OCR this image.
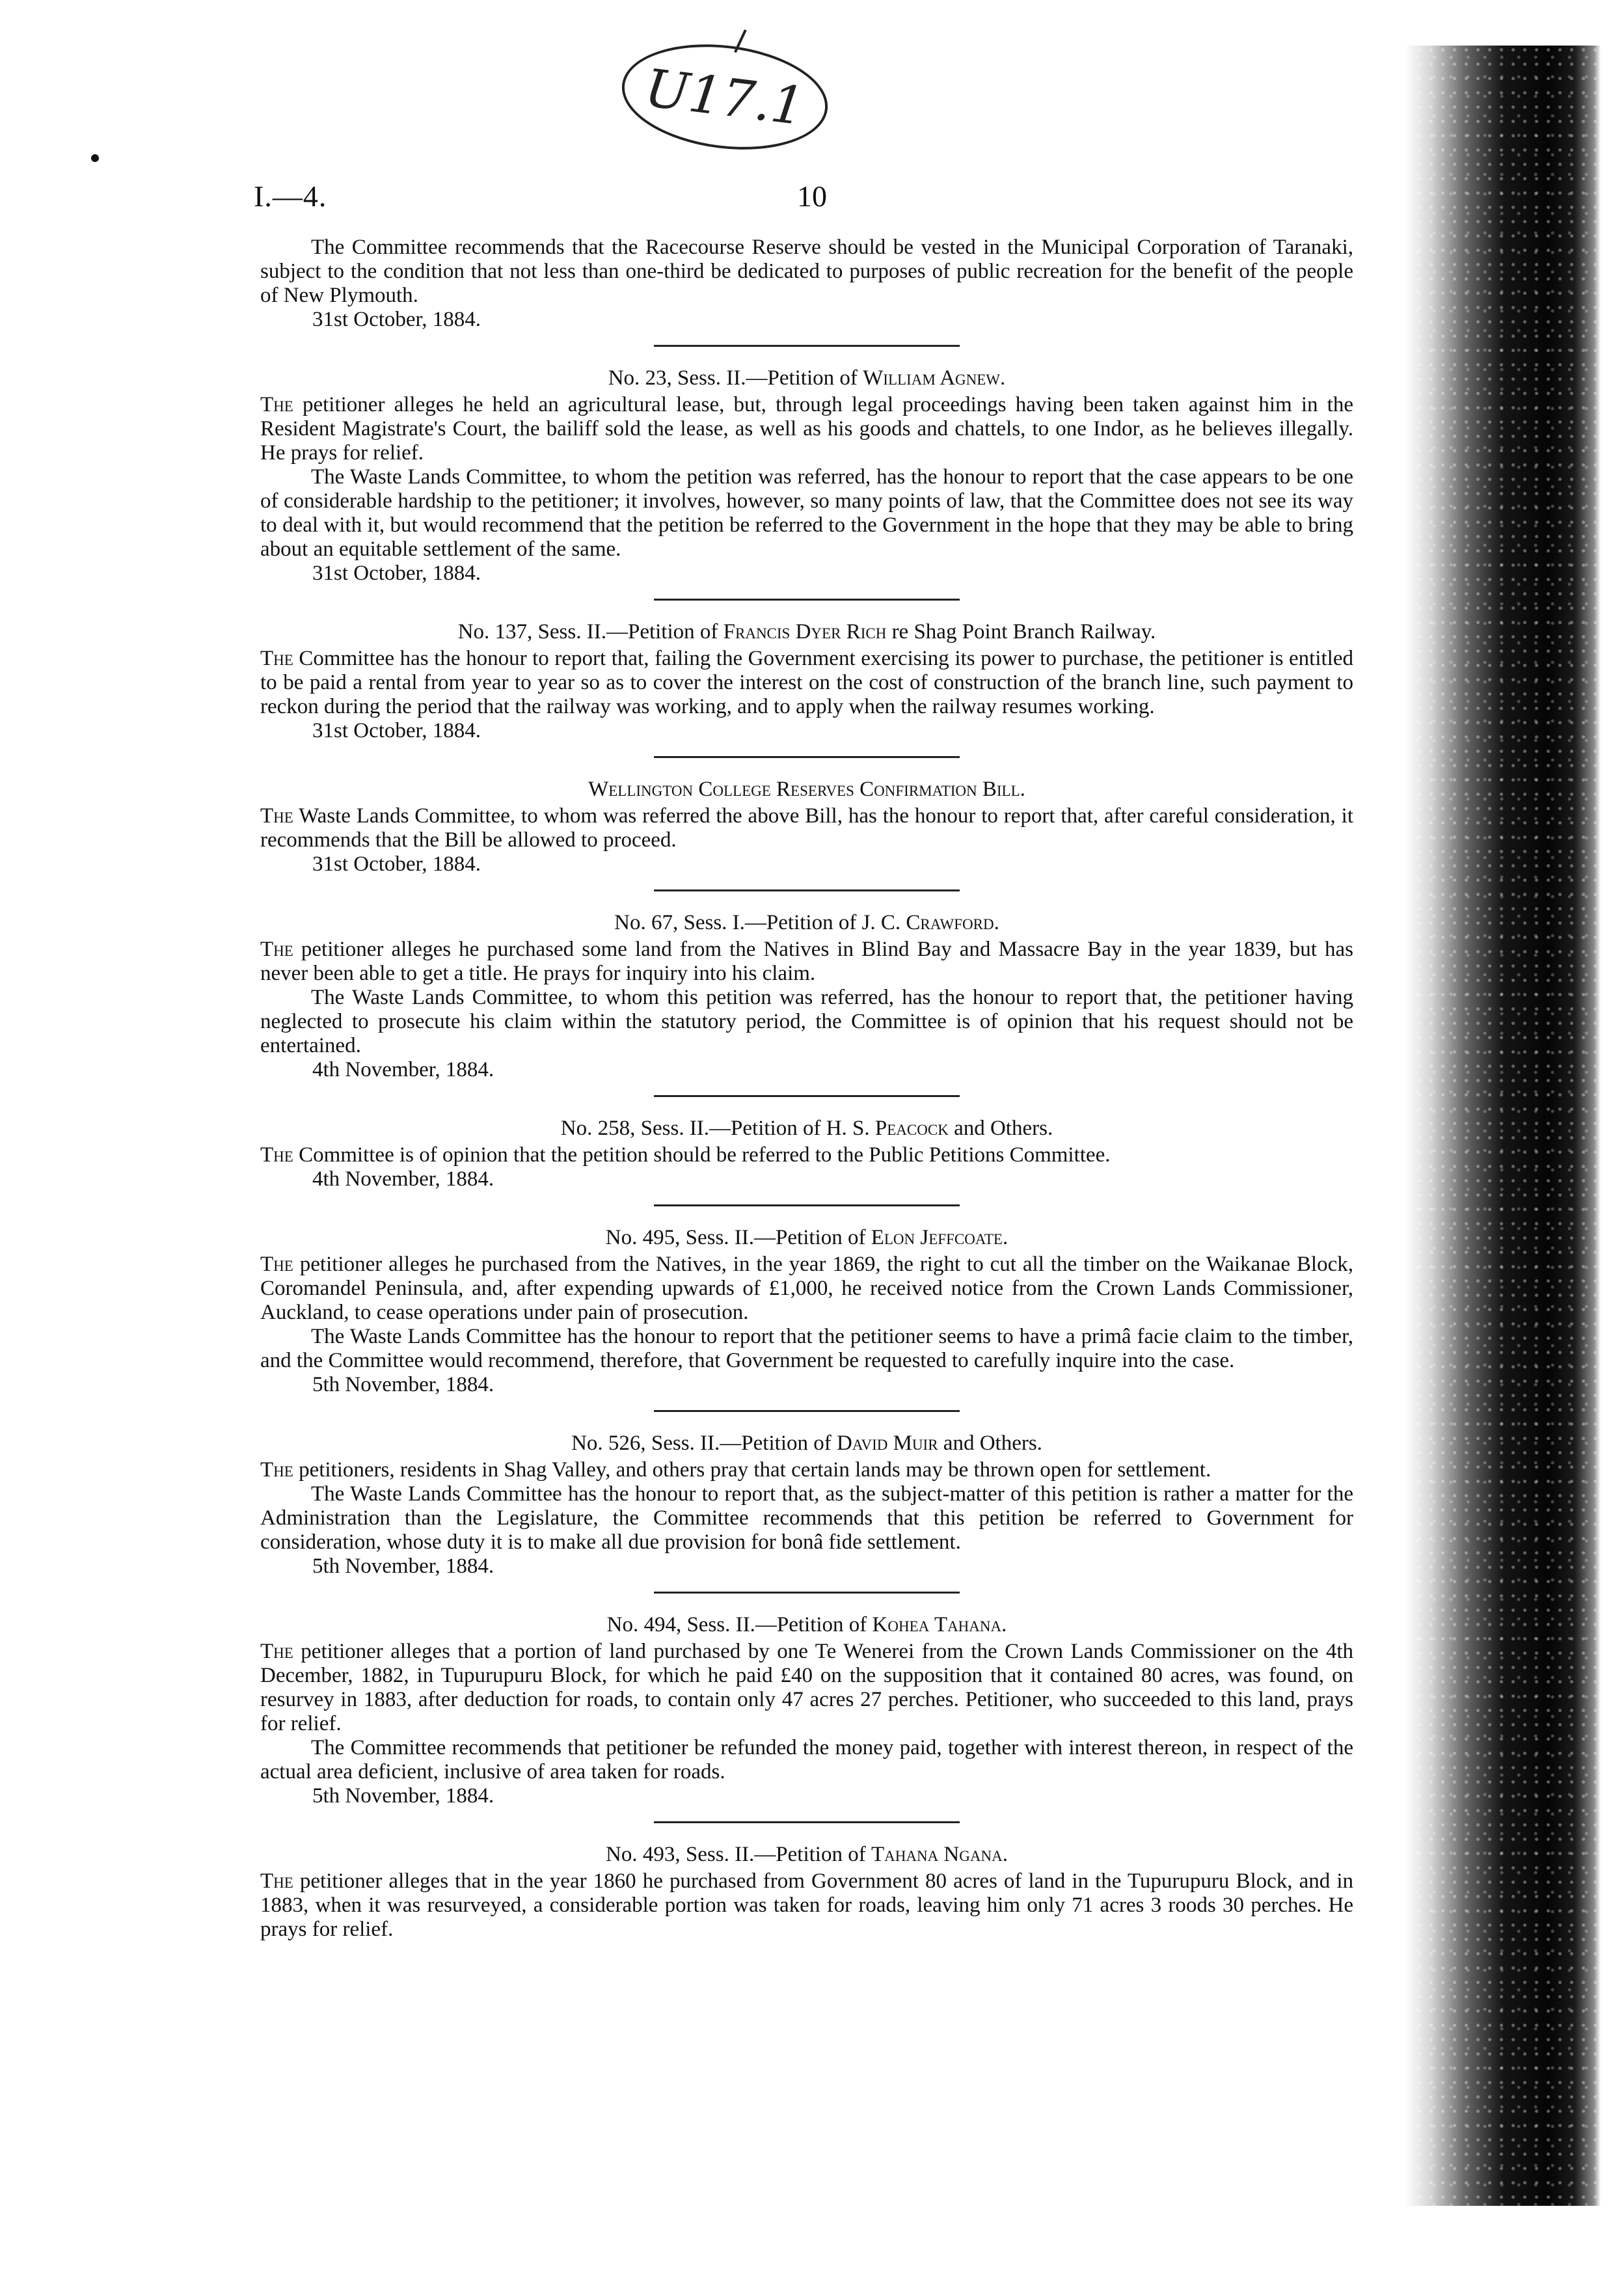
U17.1
I.—4.	10

The Committee recommends that the Racecourse Reserve should be vested in the Municipal Corporation of Taranaki, subject to the condition that not less than one-third be dedicated to purposes of public recreation for the benefit of the people of New Plymouth.

31st October, 1884.

No. 23, Sess. II.—Petition of William Agnew.

The petitioner alleges he held an agricultural lease, but, through legal proceedings having been taken against him in the Resident Magistrate's Court, the bailiff sold the lease, as well as his goods and chattels, to one Indor, as he believes illegally. He prays for relief.

The Waste Lands Committee, to whom the petition was referred, has the honour to report that the case appears to be one of considerable hardship to the petitioner; it involves, however, so many points of law, that the Committee does not see its way to deal with it, but would recommend that the petition be referred to the Government in the hope that they may be able to bring about an equitable settlement of the same.

31st October, 1884.

No. 137, Sess. II.—Petition of Francis Dyer Rich re Shag Point Branch Railway.

The Committee has the honour to report that, failing the Government exercising its power to purchase, the petitioner is entitled to be paid a rental from year to year so as to cover the interest on the cost of construction of the branch line, such payment to reckon during the period that the railway was working, and to apply when the railway resumes working.

31st October, 1884.

Wellington College Reserves Confirmation Bill.

The Waste Lands Committee, to whom was referred the above Bill, has the honour to report that, after careful consideration, it recommends that the Bill be allowed to proceed.

31st October, 1884.

No. 67, Sess. I.—Petition of J. C. Crawford.

The petitioner alleges he purchased some land from the Natives in Blind Bay and Massacre Bay in the year 1839, but has never been able to get a title. He prays for inquiry into his claim.

The Waste Lands Committee, to whom this petition was referred, has the honour to report that, the petitioner having neglected to prosecute his claim within the statutory period, the Committee is of opinion that his request should not be entertained.

4th November, 1884.

No. 258, Sess. II.—Petition of H. S. Peacock and Others.

The Committee is of opinion that the petition should be referred to the Public Petitions Committee.

4th November, 1884.

No. 495, Sess. II.—Petition of Elon Jeffcoate.

The petitioner alleges he purchased from the Natives, in the year 1869, the right to cut all the timber on the Waikanae Block, Coromandel Peninsula, and, after expending upwards of £1,000, he received notice from the Crown Lands Commissioner, Auckland, to cease operations under pain of prosecution.

The Waste Lands Committee has the honour to report that the petitioner seems to have a primâ facie claim to the timber, and the Committee would recommend, therefore, that Government be requested to carefully inquire into the case.

5th November, 1884.

No. 526, Sess. II.—Petition of David Muir and Others.

The petitioners, residents in Shag Valley, and others pray that certain lands may be thrown open for settlement.

The Waste Lands Committee has the honour to report that, as the subject-matter of this petition is rather a matter for the Administration than the Legislature, the Committee recommends that this petition be referred to Government for consideration, whose duty it is to make all due provision for bonâ fide settlement.

5th November, 1884.

No. 494, Sess. II.—Petition of Kohea Tahana.

The petitioner alleges that a portion of land purchased by one Te Wenerei from the Crown Lands Commissioner on the 4th December, 1882, in Tupurupuru Block, for which he paid £40 on the supposition that it contained 80 acres, was found, on resurvey in 1883, after deduction for roads, to contain only 47 acres 27 perches. Petitioner, who succeeded to this land, prays for relief.

The Committee recommends that petitioner be refunded the money paid, together with interest thereon, in respect of the actual area deficient, inclusive of area taken for roads.

5th November, 1884.

No. 493, Sess. II.—Petition of Tahana Ngana.

The petitioner alleges that in the year 1860 he purchased from Government 80 acres of land in the Tupurupuru Block, and in 1883, when it was resurveyed, a considerable portion was taken for roads, leaving him only 71 acres 3 roods 30 perches. He prays for relief.
